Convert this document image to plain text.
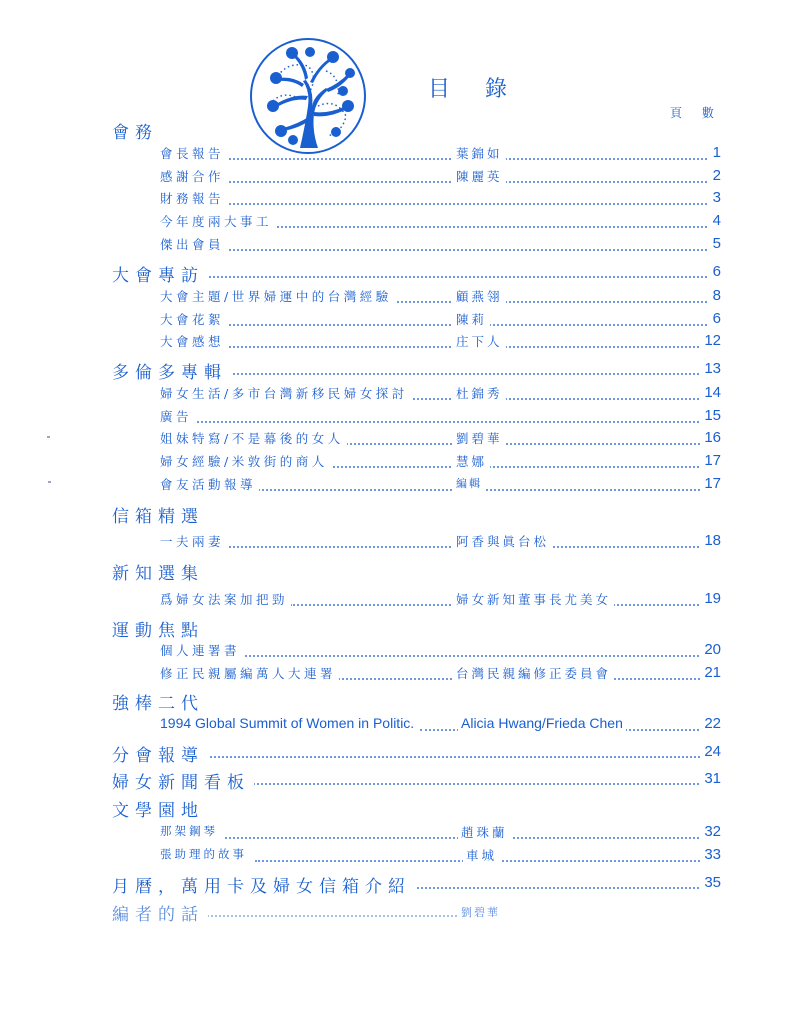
目 錄
頁 數
會務
會長報告	葉錦如	1
感謝合作	陳麗英	2
財務報告	3
今年度兩大事工	4
傑出會員	5
大會專訪	6
大會主題/世界婦運中的台灣經驗	顧燕翎	8
大會花絮	陳莉	6
大會感想	庄下人	12
多倫多專輯	13
婦女生活/多市台灣新移民婦女探討	杜錦秀	14
廣告	15
姐妹特寫/不是幕後的女人	劉碧華	16
婦女經驗/米敦街的商人	慧娜	17
會友活動報導	編輯	17
信箱精選
一夫兩妻	阿香與眞台松	18
新知選集
爲婦女法案加把勁	婦女新知董事長尤美女	19
運動焦點
個人連署書	20
修正民親屬編萬人大連署	台灣民親編修正委員會	21
強棒二代
1994 Global Summit of Women in Politic.	Alicia Hwang/Frieda Chen	22
分會報導	24
婦女新聞看板	31
文學園地
那架鋼琴	趙珠蘭	32
張助理的故事	車城	33
月曆，萬用卡及婦女信箱介紹	35
編者的話	劉碧華
